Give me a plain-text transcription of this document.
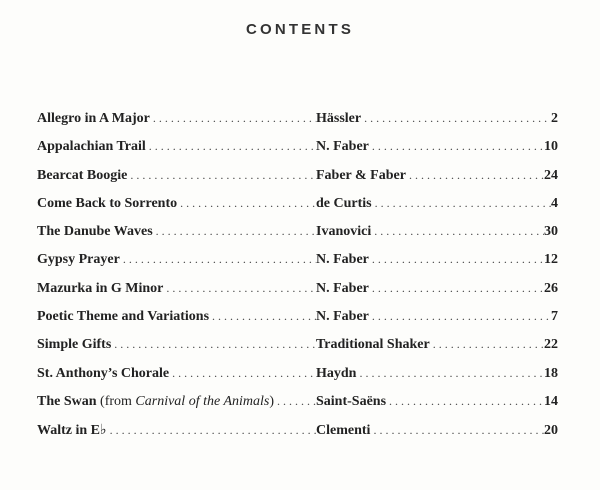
CONTENTS
Allegro in A Major . . .	Hässler . . .	2
Appalachian Trail . . .	N. Faber . . .	10
Bearcat Boogie . . .	Faber & Faber . . .	24
Come Back to Sorrento . . .	de Curtis . . .	4
The Danube Waves . . .	Ivanovici . . .	30
Gypsy Prayer . . .	N. Faber . . .	12
Mazurka in G Minor . . .	N. Faber . . .	26
Poetic Theme and Variations . . .	N. Faber . . .	7
Simple Gifts . . .	Traditional Shaker . . .	22
St. Anthony’s Chorale . . .	Haydn . . .	18
The Swan (from Carnival of the Animals ) . . .	Saint-Saëns . . .	14
Waltz in E♭ . . .	Clementi . . .	20
